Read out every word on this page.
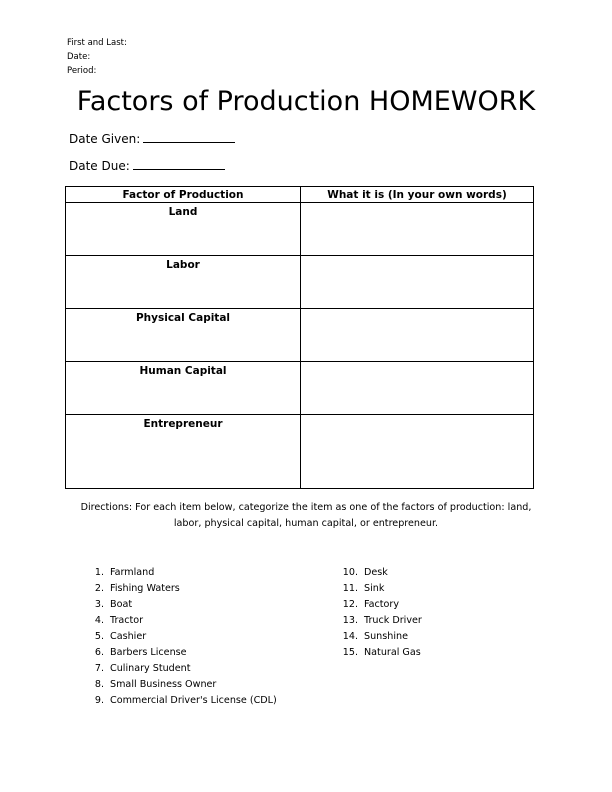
First and Last:
Date:
Period:
Factors of Production HOMEWORK
Date Given:
Date Due:
Factor of Production	What it is (In your own words)
Land	
Labor	
Physical Capital	
Human Capital	
Entrepreneur	
Directions: For each item below, categorize the item as one of the factors of production: land, labor, physical capital, human capital, or entrepreneur.
1. Farmland
2. Fishing Waters
3. Boat
4. Tractor
5. Cashier
6. Barbers License
7. Culinary Student
8. Small Business Owner
9. Commercial Driver's License (CDL)
10. Desk
11. Sink
12. Factory
13. Truck Driver
14. Sunshine
15. Natural Gas
